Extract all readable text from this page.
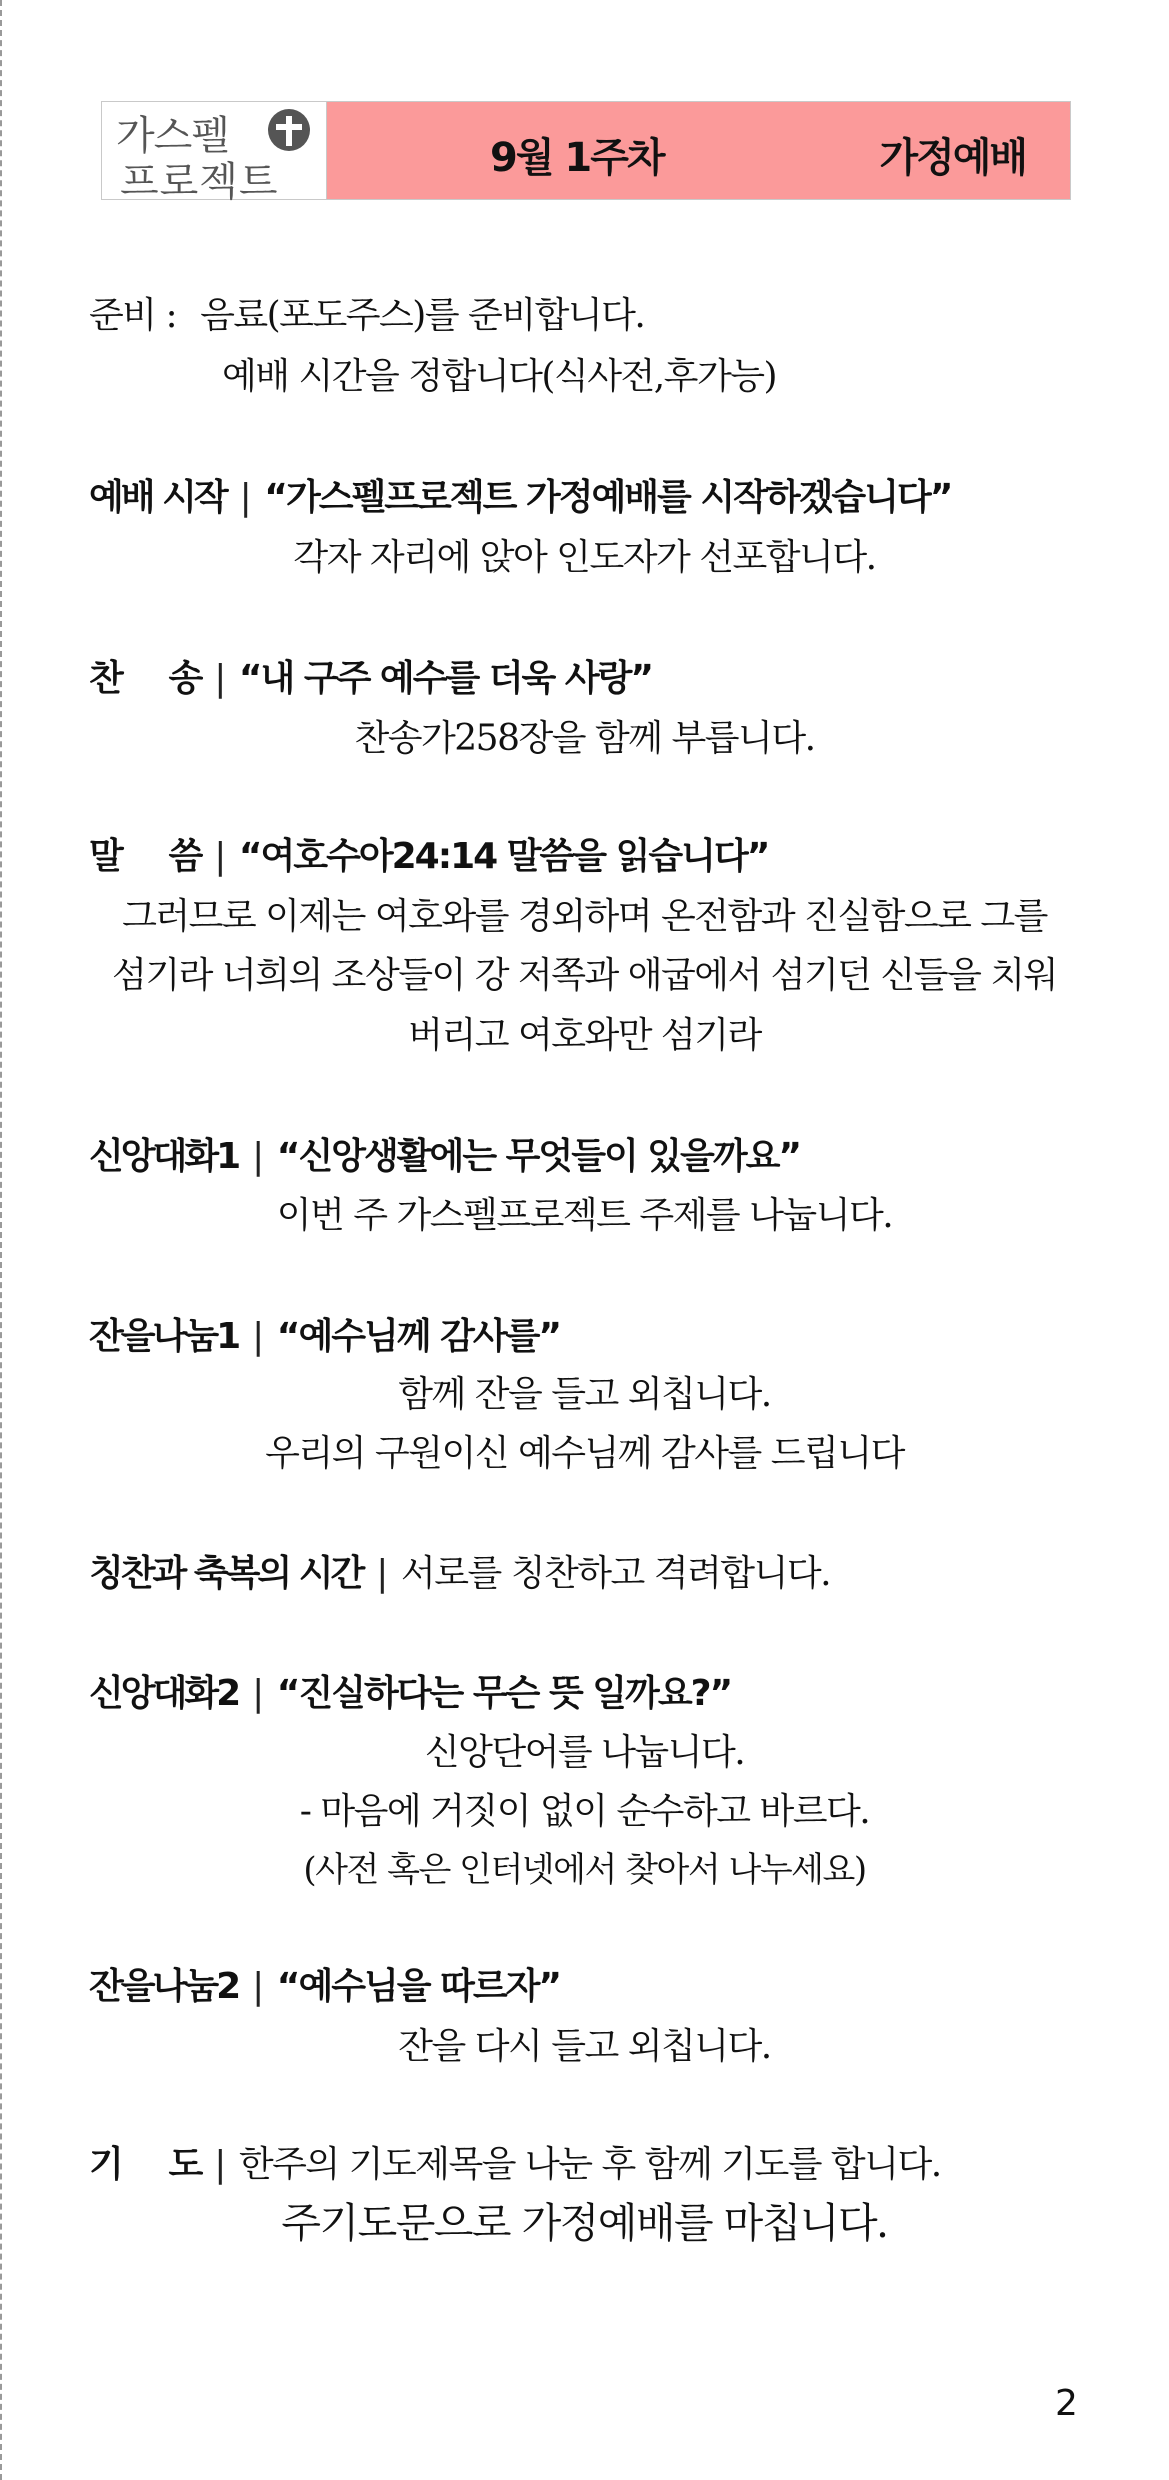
가스펠
프로젝트
9월 1주차	가정예배
준비 : 음료(포도주스)를 준비합니다.
예배 시간을 정합니다(식사전,후가능)
예배 시작 | “가스펠프로젝트 가정예배를 시작하겠습니다”
각자 자리에 앉아 인도자가 선포합니다.
찬     송 | “내 구주 예수를 더욱 사랑”
찬송가258장을 함께 부릅니다.
말     씀 | “여호수아24:14 말씀을 읽습니다”
그러므로 이제는 여호와를 경외하며 온전함과 진실함으로 그를
섬기라 너희의 조상들이 강 저쪽과 애굽에서 섬기던 신들을 치워
버리고 여호와만 섬기라
신앙대화1 | “신앙생활에는 무엇들이 있을까요”
이번 주 가스펠프로젝트 주제를 나눕니다.
잔을나눔1 | “예수님께 감사를”
함께 잔을 들고 외칩니다.
우리의 구원이신 예수님께 감사를 드립니다
칭찬과 축복의 시간 | 서로를 칭찬하고 격려합니다.
신앙대화2 | “진실하다는 무슨 뜻 일까요?”
신앙단어를 나눕니다.
- 마음에 거짓이 없이 순수하고 바르다.
(사전 혹은 인터넷에서 찾아서 나누세요)
잔을나눔2 | “예수님을 따르자”
잔을 다시 들고 외칩니다.
기     도 | 한주의 기도제목을 나눈 후 함께 기도를 합니다.
주기도문으로 가정예배를 마칩니다.
2
